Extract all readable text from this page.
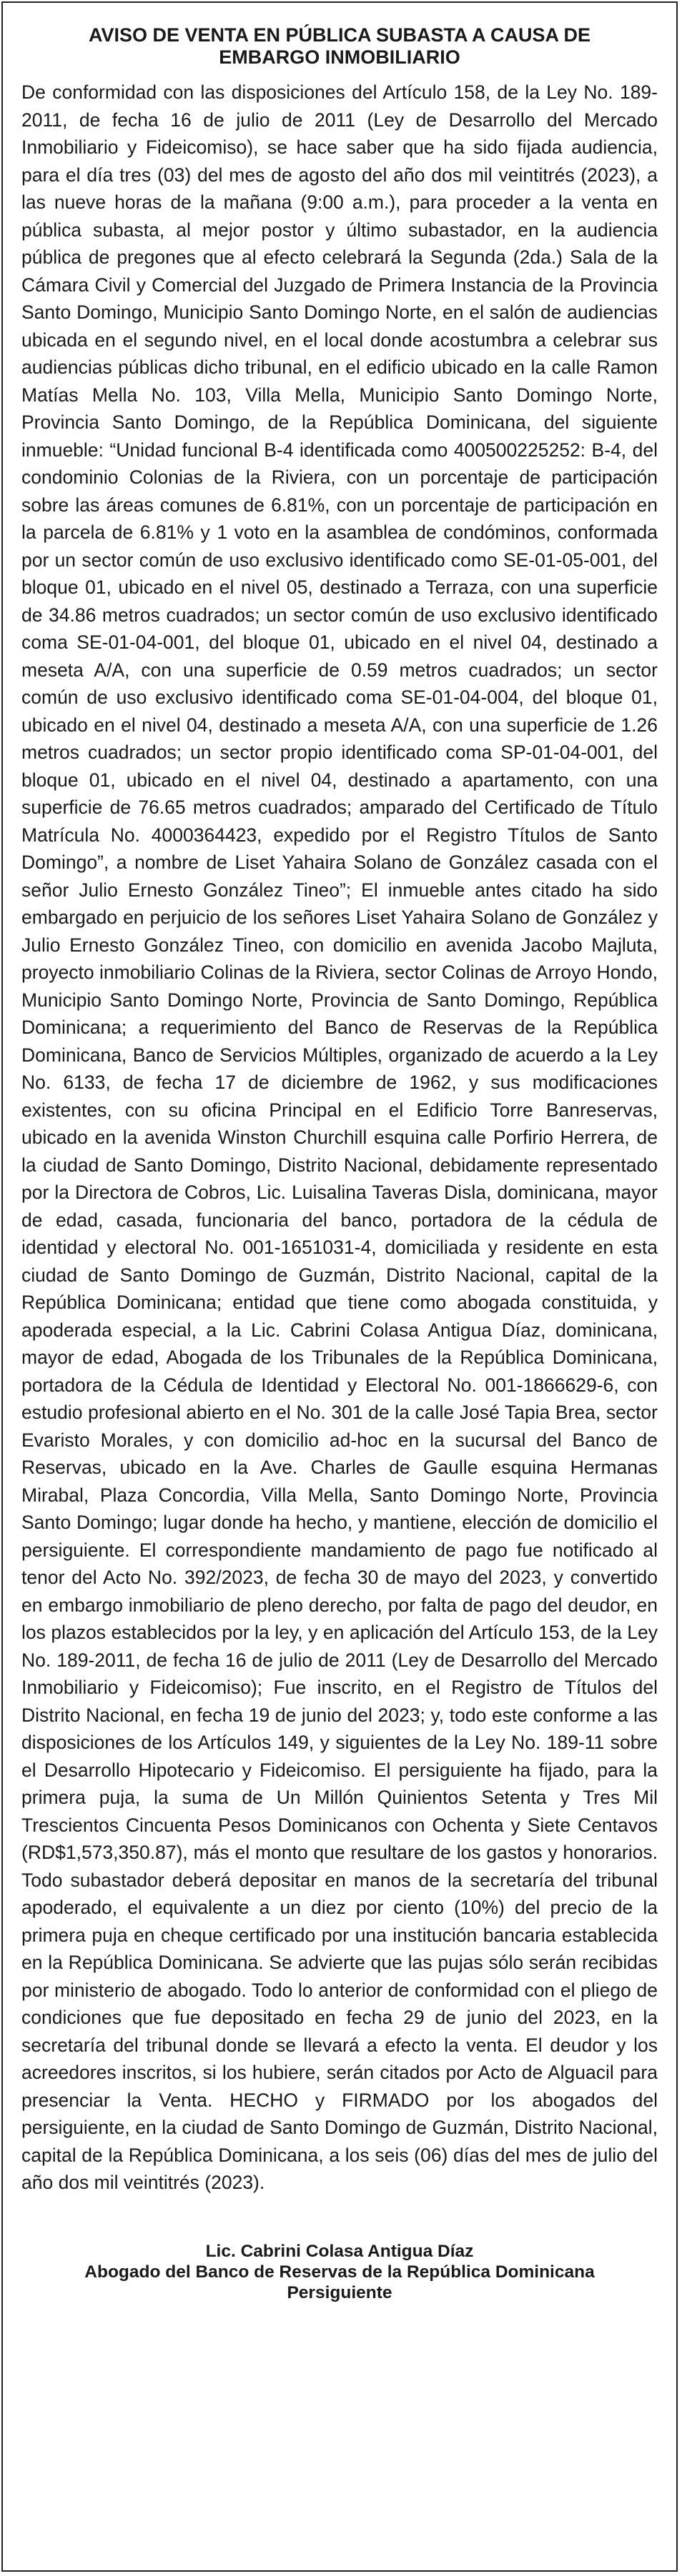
AVISO DE VENTA EN PÚBLICA SUBASTA A CAUSA DE EMBARGO INMOBILIARIO

De conformidad con las disposiciones del Artículo 158, de la Ley No. 189-2011, de fecha 16 de julio de 2011 (Ley de Desarrollo del Mercado Inmobiliario y Fideicomiso), se hace saber que ha sido fijada audiencia, para el día tres (03) del mes de agosto del año dos mil veintitrés (2023), a las nueve horas de la mañana (9:00 a.m.), para proceder a la venta en pública subasta, al mejor postor y último subastador, en la audiencia pública de pregones que al efecto celebrará la Segunda (2da.) Sala de la Cámara Civil y Comercial del Juzgado de Primera Instancia de la Provincia Santo Domingo, Municipio Santo Domingo Norte, en el salón de audiencias ubicada en el segundo nivel, en el local donde acostumbra a celebrar sus audiencias públicas dicho tribunal, en el edificio ubicado en la calle Ramon Matías Mella No. 103, Villa Mella, Municipio Santo Domingo Norte, Provincia Santo Domingo, de la República Dominicana, del siguiente inmueble: “Unidad funcional B-4 identificada como 400500225252: B-4, del condominio Colonias de la Riviera, con un porcentaje de participación sobre las áreas comunes de 6.81%, con un porcentaje de participación en la parcela de 6.81% y 1 voto en la asamblea de condóminos, conformada por un sector común de uso exclusivo identificado como SE-01-05-001, del bloque 01, ubicado en el nivel 05, destinado a Terraza, con una superficie de 34.86 metros cuadrados; un sector común de uso exclusivo identificado coma SE-01-04-001, del bloque 01, ubicado en el nivel 04, destinado a meseta A/A, con una superficie de 0.59 metros cuadrados; un sector común de uso exclusivo identificado coma SE-01-04-004, del bloque 01, ubicado en el nivel 04, destinado a meseta A/A, con una superficie de 1.26 metros cuadrados; un sector propio identificado coma SP-01-04-001, del bloque 01, ubicado en el nivel 04, destinado a apartamento, con una superficie de 76.65 metros cuadrados; amparado del Certificado de Título Matrícula No. 4000364423, expedido por el Registro Títulos de Santo Domingo”, a nombre de Liset Yahaira Solano de González casada con el señor Julio Ernesto González Tineo”; El inmueble antes citado ha sido embargado en perjuicio de los señores Liset Yahaira Solano de González y Julio Ernesto González Tineo, con domicilio en avenida Jacobo Majluta, proyecto inmobiliario Colinas de la Riviera, sector Colinas de Arroyo Hondo, Municipio Santo Domingo Norte, Provincia de Santo Domingo, República Dominicana; a requerimiento del Banco de Reservas de la República Dominicana, Banco de Servicios Múltiples, organizado de acuerdo a la Ley No. 6133, de fecha 17 de diciembre de 1962, y sus modificaciones existentes, con su oficina Principal en el Edificio Torre Banreservas, ubicado en la avenida Winston Churchill esquina calle Porfirio Herrera, de la ciudad de Santo Domingo, Distrito Nacional, debidamente representado por la Directora de Cobros, Lic. Luisalina Taveras Disla, dominicana, mayor de edad, casada, funcionaria del banco, portadora de la cédula de identidad y electoral No. 001-1651031-4, domiciliada y residente en esta ciudad de Santo Domingo de Guzmán, Distrito Nacional, capital de la República Dominicana; entidad que tiene como abogada constituida, y apoderada especial, a la Lic. Cabrini Colasa Antigua Díaz, dominicana, mayor de edad, Abogada de los Tribunales de la República Dominicana, portadora de la Cédula de Identidad y Electoral No. 001-1866629-6, con estudio profesional abierto en el No. 301 de la calle José Tapia Brea, sector Evaristo Morales, y con domicilio ad-hoc en la sucursal del Banco de Reservas, ubicado en la Ave. Charles de Gaulle esquina Hermanas Mirabal, Plaza Concordia, Villa Mella, Santo Domingo Norte, Provincia Santo Domingo; lugar donde ha hecho, y mantiene, elección de domicilio el persiguiente. El correspondiente mandamiento de pago fue notificado al tenor del Acto No. 392/2023, de fecha 30 de mayo del 2023, y convertido en embargo inmobiliario de pleno derecho, por falta de pago del deudor, en los plazos establecidos por la ley, y en aplicación del Artículo 153, de la Ley No. 189-2011, de fecha 16 de julio de 2011 (Ley de Desarrollo del Mercado Inmobiliario y Fideicomiso); Fue inscrito, en el Registro de Títulos del Distrito Nacional, en fecha 19 de junio del 2023; y, todo este conforme a las disposiciones de los Artículos 149, y siguientes de la Ley No. 189-11 sobre el Desarrollo Hipotecario y Fideicomiso. El persiguiente ha fijado, para la primera puja, la suma de Un Millón Quinientos Setenta y Tres Mil Trescientos Cincuenta Pesos Dominicanos con Ochenta y Siete Centavos (RD$1,573,350.87), más el monto que resultare de los gastos y honorarios. Todo subastador deberá depositar en manos de la secretaría del tribunal apoderado, el equivalente a un diez por ciento (10%) del precio de la primera puja en cheque certificado por una institución bancaria establecida en la República Dominicana. Se advierte que las pujas sólo serán recibidas por ministerio de abogado. Todo lo anterior de conformidad con el pliego de condiciones que fue depositado en fecha 29 de junio del 2023, en la secretaría del tribunal donde se llevará a efecto la venta. El deudor y los acreedores inscritos, si los hubiere, serán citados por Acto de Alguacil para presenciar la Venta. HECHO y FIRMADO por los abogados del persiguiente, en la ciudad de Santo Domingo de Guzmán, Distrito Nacional, capital de la República Dominicana, a los seis (06) días del mes de julio del año dos mil veintitrés (2023).

Lic. Cabrini Colasa Antigua Díaz
Abogado del Banco de Reservas de la República Dominicana
Persiguiente
